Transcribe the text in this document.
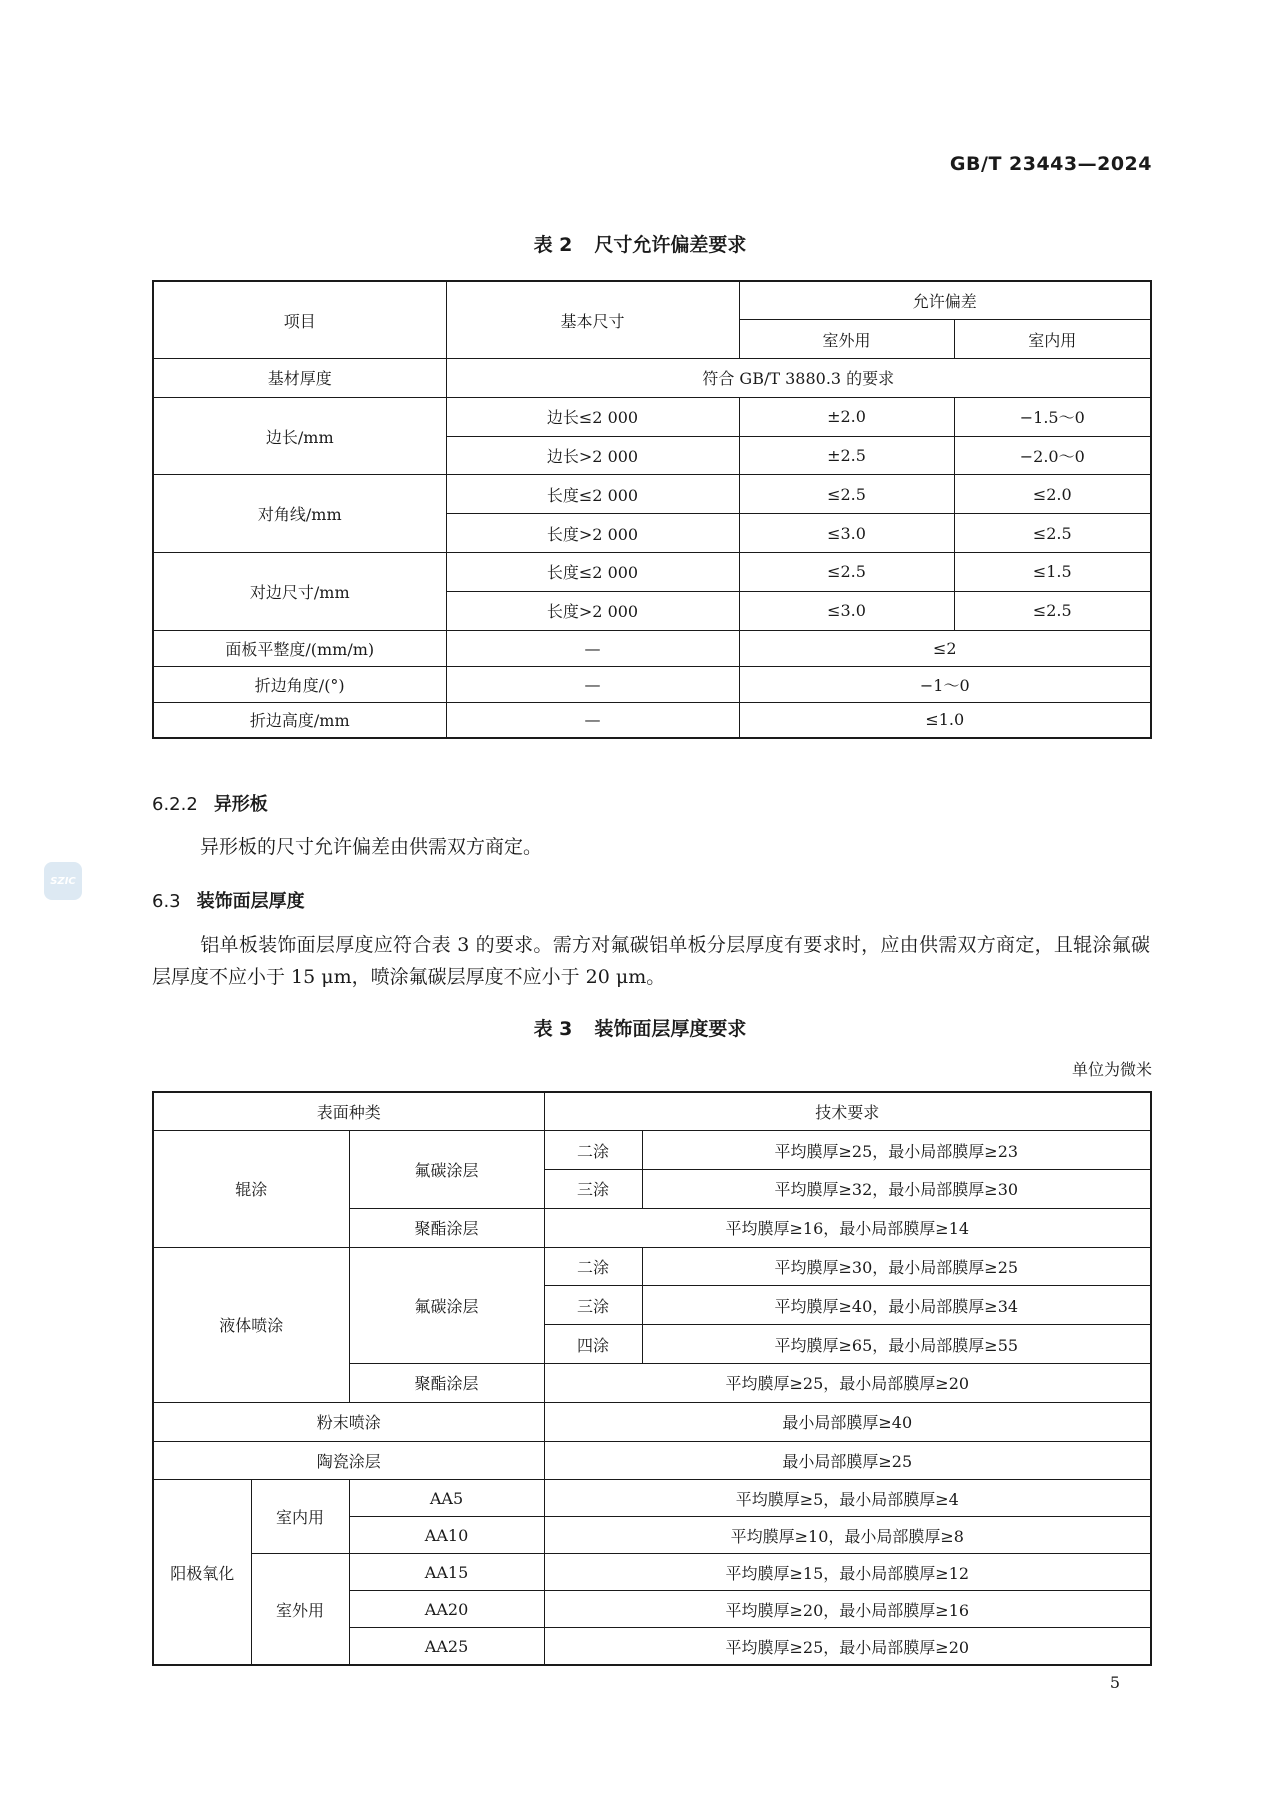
GB/T 23443—2024
表 2 尺寸允许偏差要求
项目	基本尺寸	允许偏差	
		室外用	室内用
基材厚度	符合 GB/T 3880.3 的要求		
边长/mm	边长≤2 000	±2.0	−1.5～0
	边长>2 000	±2.5	−2.0～0
对角线/mm	长度≤2 000	≤2.5	≤2.0
	长度>2 000	≤3.0	≤2.5
对边尺寸/mm	长度≤2 000	≤2.5	≤1.5
	长度>2 000	≤3.0	≤2.5
面板平整度/(mm/m)	—	≤2	
折边角度/(°)	—	−1～0	
折边高度/mm	—	≤1.0	
6.2.2 异形板
异形板的尺寸允许偏差由供需双方商定。
SZIC
6.3 装饰面层厚度
铝单板装饰面层厚度应符合表 3 的要求。需方对氟碳铝单板分层厚度有要求时，应由供需双方商定，且辊涂氟碳层厚度不应小于 15 μm，喷涂氟碳层厚度不应小于 20 μm。
表 3 装饰面层厚度要求
单位为微米
表面种类			技术要求	
辊涂		氟碳涂层	二涂	平均膜厚≥25，最小局部膜厚≥23
			三涂	平均膜厚≥32，最小局部膜厚≥30
		聚酯涂层	平均膜厚≥16，最小局部膜厚≥14	
液体喷涂		氟碳涂层	二涂	平均膜厚≥30，最小局部膜厚≥25
			三涂	平均膜厚≥40，最小局部膜厚≥34
			四涂	平均膜厚≥65，最小局部膜厚≥55
		聚酯涂层	平均膜厚≥25，最小局部膜厚≥20	
粉末喷涂			最小局部膜厚≥40	
陶瓷涂层			最小局部膜厚≥25	
阳极氧化	室内用	AA5	平均膜厚≥5，最小局部膜厚≥4	
		AA10	平均膜厚≥10，最小局部膜厚≥8	
	室外用	AA15	平均膜厚≥15，最小局部膜厚≥12	
		AA20	平均膜厚≥20，最小局部膜厚≥16	
		AA25	平均膜厚≥25，最小局部膜厚≥20	
5
